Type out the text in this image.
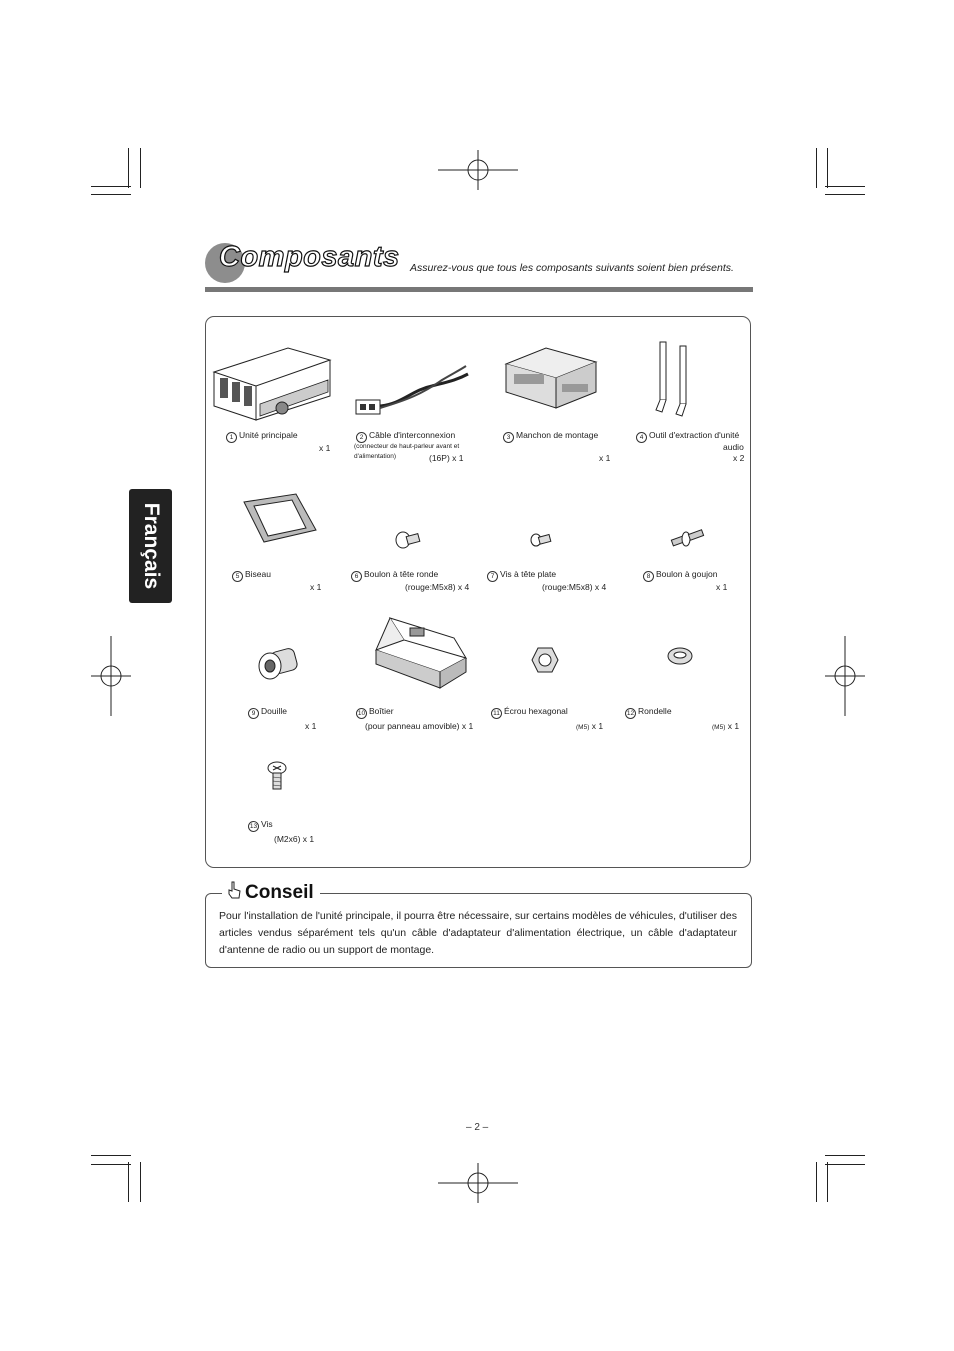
Composants Assurez-vous que tous les composants suivants soient bien présents.
Français
1 Unité principale
x 1
2 Câble d'interconnexion
(connecteur de haut-parleur avant et d'alimentation)	(16P) x 1
3 Manchon de montage
x 1
4 Outil d'extraction d'unité
audio
x 2
5 Biseau
x 1
6 Boulon à tête ronde
(rouge:M5x8) x 4
7 Vis à tête plate
(rouge:M5x8) x 4
8 Boulon à goujon
x 1
9 Douille
x 1
10 Boîtier
(pour panneau amovible) x 1
11 Écrou hexagonal
(M5) x 1
12 Rondelle
(M5) x 1
13 Vis
(M2x6) x 1
Conseil
Pour l'installation de l'unité principale, il pourra être nécessaire, sur certains modèles de véhicules, d'utiliser des articles vendus séparément tels qu'un câble d'adaptateur d'alimentation électrique, un câble d'adaptateur d'antenne de radio ou un support de montage.
– 2 –
